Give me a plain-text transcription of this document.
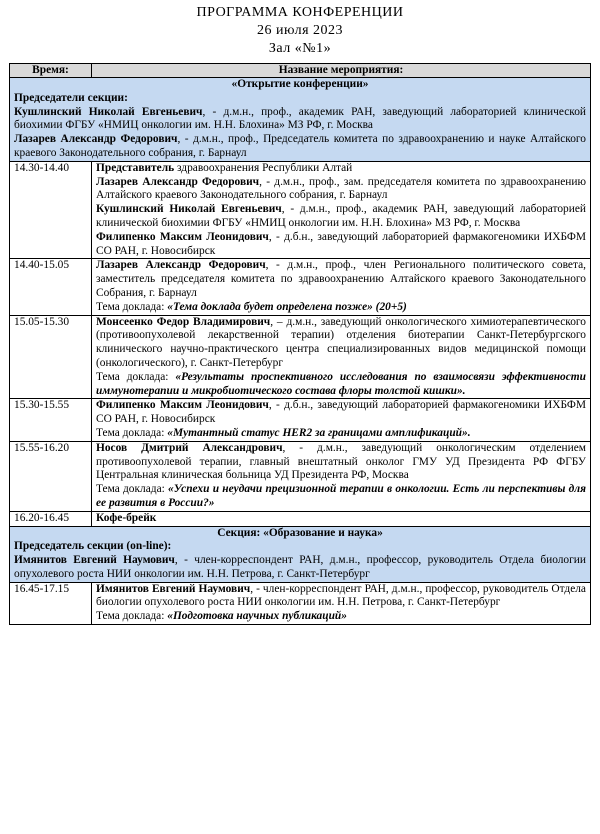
ПРОГРАММА КОНФЕРЕНЦИИ
26 июля 2023
Зал «№1»
Время:	Название мероприятия:

«Открытие конференции»
Председатели секции:
Кушлинский Николай Евгеньевич, - д.м.н., проф., академик РАН, заведующий лабораторией клинической биохимии ФГБУ «НМИЦ онкологии им. Н.Н. Блохина» МЗ РФ, г. Москва
Лазарев Александр Федорович, - д.м.н., проф., Председатель комитета по здравоохранению и науке Алтайского краевого Законодательного собрания, г. Барнаул	

14.30-14.40	Представитель здравоохранения Республики Алтай
Лазарев Александр Федорович, - д.м.н., проф., зам. председателя комитета по здравоохранению Алтайского краевого Законодательного собрания, г. Барнаул
Кушлинский Николай Евгеньевич, - д.м.н., проф., академик РАН, заведующий лабораторией клинической биохимии ФГБУ «НМИЦ онкологии им. Н.Н. Блохина» МЗ РФ, г. Москва
Филипенко Максим Леонидович, - д.б.н., заведующий лабораторией фармакогеномики ИХБФМ СО РАН, г. Новосибирск

14.40-15.05	Лазарев Александр Федорович, - д.м.н., проф., член Регионального политического совета, заместитель председателя комитета по здравоохранению Алтайского краевого Законодательного Собрания, г. Барнаул
Тема доклада: «Тема доклада будет определена позже» (20+5)

15.05-15.30	Монсеенко Федор Владимирович, – д.м.н., заведующий онкологического химиотерапевтического (противоопухолевой лекарственной терапии) отделения биотерапии Санкт-Петербургского клинического научно-практического центра специализированных видов медицинской помощи (онкологического), г. Санкт-Петербург
Тема доклада: «Результаты проспективного исследования по взаимосвязи эффективности иммунотерапии и микробиотического состава флоры толстой кишки».

15.30-15.55	Филипенко Максим Леонидович, - д.б.н., заведующий лабораторией фармакогеномики ИХБФМ СО РАН, г. Новосибирск
Тема доклада: «Мутантный статус HER2 за границами амплификаций».

15.55-16.20	Носов Дмитрий Александрович, - д.м.н., заведующий онкологическим отделением противоопухолевой терапии, главный внештатный онколог ГМУ УД Президента РФ ФГБУ Центральная клиническая больница УД Президента РФ, Москва
Тема доклада: «Успехи и неудачи прецизионной терапии в онкологии. Есть ли перспективы для ее развития в России?»

16.20-16.45	Кофе-брейк

Секция: «Образование и наука»
Председатель секции (on-line):
Имянитов Евгений Наумович, - член-корреспондент РАН, д.м.н., профессор, руководитель Отдела биологии опухолевого роста НИИ онкологии им. Н.Н. Петрова, г. Санкт-Петербург	

16.45-17.15	Имянитов Евгений Наумович, - член-корреспондент РАН, д.м.н., профессор, руководитель Отдела биологии опухолевого роста НИИ онкологии им. Н.Н. Петрова, г. Санкт-Петербург
Тема доклада: «Подготовка научных публикаций»
